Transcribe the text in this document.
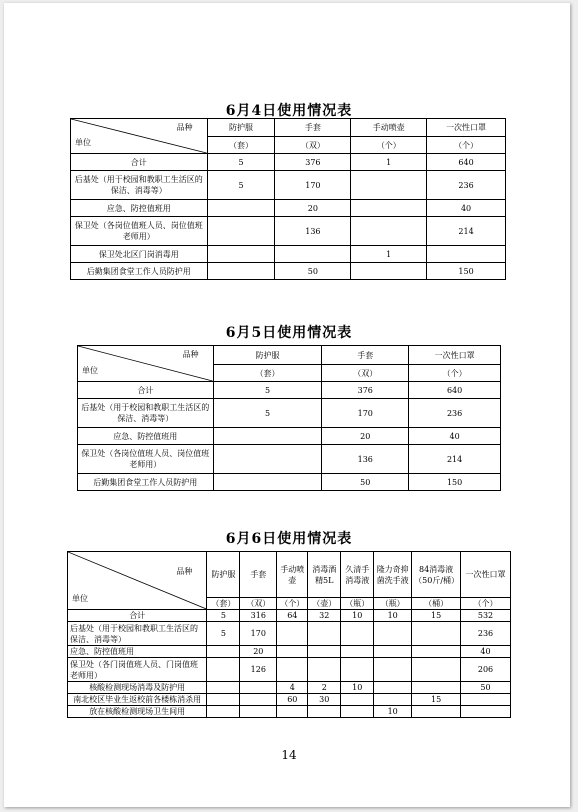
6月4日使用情况表
品种
单位	防护服	手套	手动喷壶	一次性口罩
	（套）	（双）	（个）	（个）
合计	5	376	1	640
后基处（用于校园和教职工生活区的保洁、消毒等）	5	170		236
应急、防控值班用		20		40
保卫处（各岗位值班人员、岗位值班老师用）		136		214
保卫处北区门岗消毒用			1	
后勤集团食堂工作人员防护用		50		150
6月5日使用情况表
品种
单位	防护服	手套	一次性口罩
	（套）	（双）	（个）
合计	5	376	640
后基处（用于校园和教职工生活区的保洁、消毒等）	5	170	236
应急、防控值班用		20	40
保卫处（各岗位值班人员、岗位值班老师用）		136	214
后勤集团食堂工作人员防护用		50	150
6月6日使用情况表
品种
单位	防护服	手套	手动喷壶	消毒酒精5L	久清手消毒液	隆力奇抑菌洗手液	84消毒液（50斤/桶）	一次性口罩
	（套）	（双）	（个）	（壶）	（瓶）	（瓶）	（桶）	（个）
合计	5	316	64	32	10	10	15	532
后基处（用于校园和教职工生活区的保洁、消毒等）	5	170						236
应急、防控值班用		20						40
保卫处（各门岗值班人员、门岗值班老师用）		126						206
核酸检测现场消毒及防护用			4	2	10			50
南北校区毕业生返校前各楼栋消杀用			60	30			15	
放在核酸检测现场卫生间用						10		
14
